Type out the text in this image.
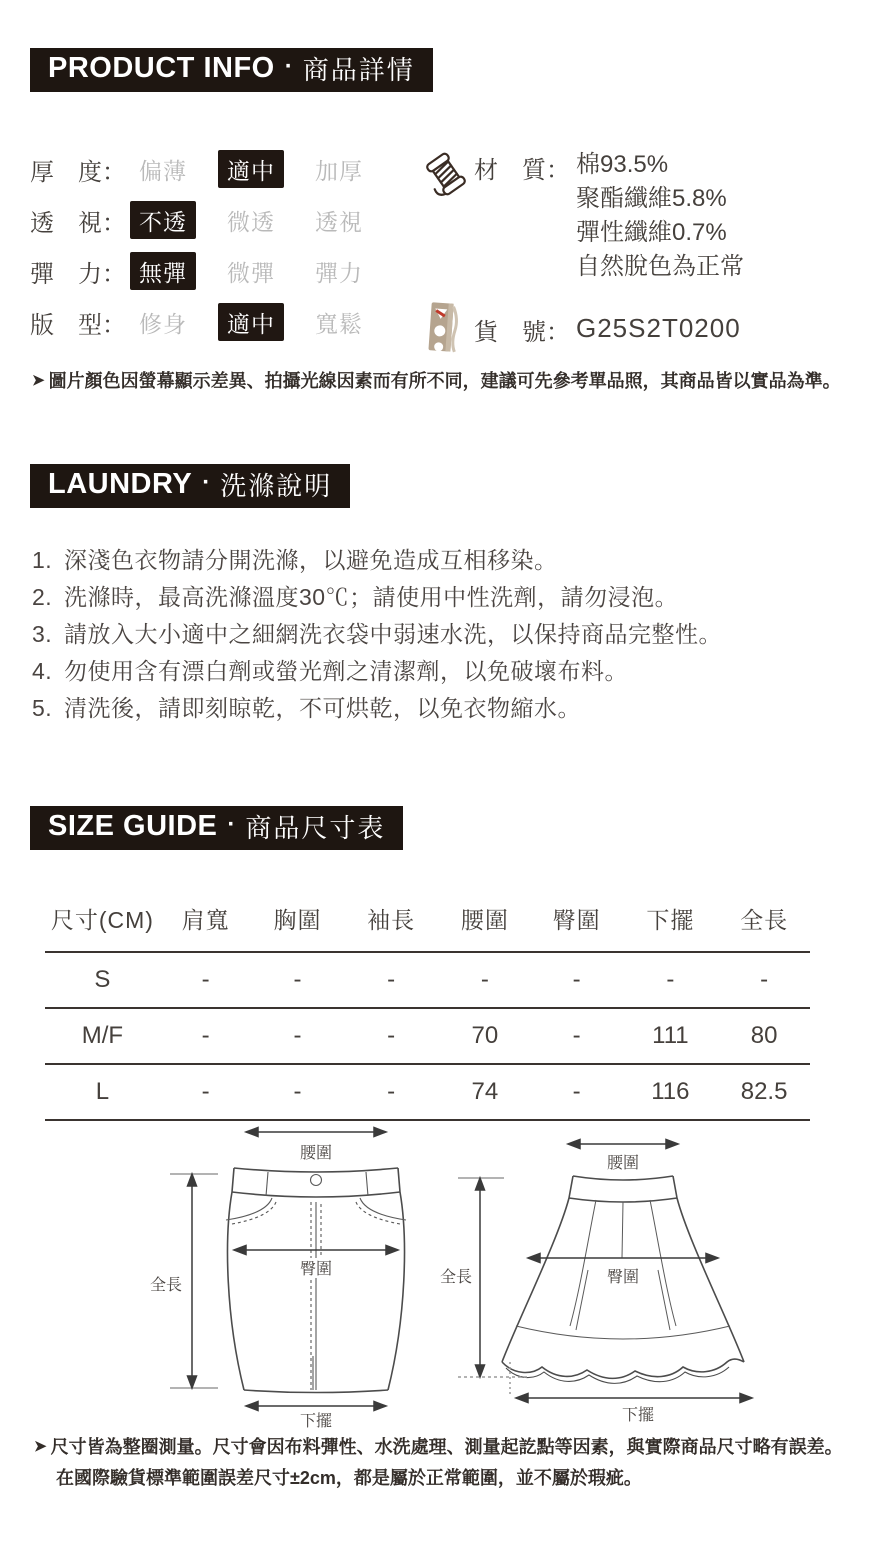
PRODUCT INFO · 商品詳情
厚　度： 偏薄	適中	加厚
透　視： 不透	微透	透視
彈　力： 無彈	微彈	彈力
版　型： 修身	適中	寬鬆
材　質： 棉93.5%
聚酯纖維5.8%
彈性纖維0.7%
自然脫色為正常
貨　號： G25S2T0200
➤ 圖片顏色因螢幕顯示差異、拍攝光線因素而有所不同，建議可先參考單品照，其商品皆以實品為準。
LAUNDRY · 洗滌說明
1. 深淺色衣物請分開洗滌，以避免造成互相移染。
2. 洗滌時，最高洗滌溫度30℃；請使用中性洗劑，請勿浸泡。
3. 請放入大小適中之細網洗衣袋中弱速水洗，以保持商品完整性。
4. 勿使用含有漂白劑或螢光劑之清潔劑，以免破壞布料。
5. 清洗後，請即刻晾乾，不可烘乾，以免衣物縮水。
SIZE GUIDE · 商品尺寸表
尺寸(CM)	肩寬	胸圍	袖長	腰圍	臀圍	下擺	全長
S	-	-	-	-	-	-	-
M/F	-	-	-	70	-	111	80
L	-	-	-	74	-	116	82.5
腰圍
臀圍
全長
下擺
腰圍
臀圍
全長
下擺
➤ 尺寸皆為整圈測量。尺寸會因布料彈性、水洗處理、測量起訖點等因素，與實際商品尺寸略有誤差。
在國際驗貨標準範圍誤差尺寸±2cm，都是屬於正常範圍，並不屬於瑕疵。
